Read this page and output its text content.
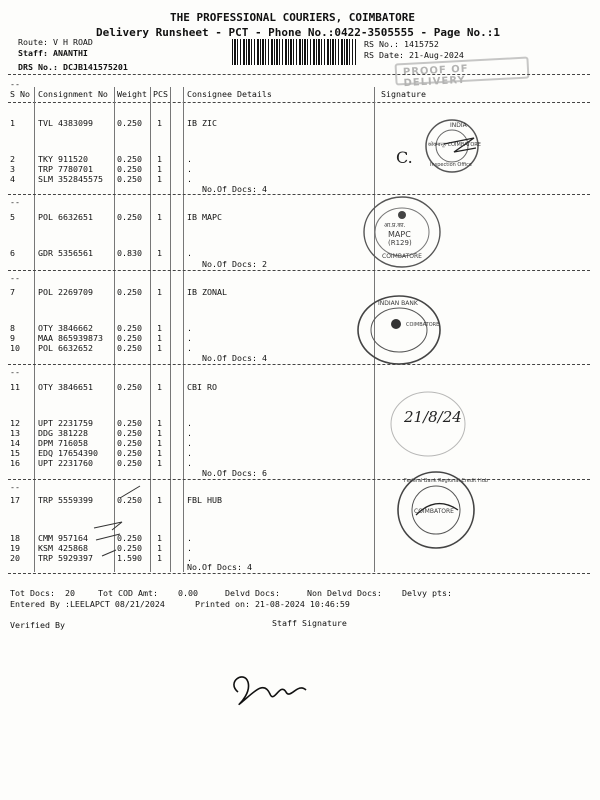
THE PROFESSIONAL COURIERS, COIMBATORE
Delivery Runsheet - PCT - Phone No.:0422-3505555 - Page No.:1
Route: V H ROAD
Staff: ANANTHI
DRS No.: DCJB141575201
RS No.: 1415752
RS Date: 21-Aug-2024
PROOF OF DELIVERY
--
S No Consignment No Weight PCS Consignee Details	Signature
1	TVL 4383099	0.250 1	IB ZIC
2	TKY 911520	0.250 1	.
3	TRP 7780701	0.250 1	.
4	SLM 352845575 0.250 1	.
No.Of Docs: 4
--
5	POL 6632651	0.250 1	IB MAPC
6	GDR 5356561	0.830 1	.
No.Of Docs: 2
--
7	POL 2269709	0.250 1	IB ZONAL
8	OTY 3846662	0.250 1	.
9	MAA 865939873 0.250 1	.
10 POL 6632652	0.250 1	.
No.Of Docs: 4
--
11 OTY 3846651	0.250 1	CBI RO
12 UPT 2231759	0.250 1	.
13 DDG 381228	0.250 1	.
14 DPM 716058	0.250 1	.
15 EDQ 17654390 0.250 1	.
16 UPT 2231760	0.250 1	.
No.Of Docs: 6
--
17 TRP 5559399	0.250 1	FBL HUB
18 CMM 957164	0.250 1	.
19 KSM 425868	0.250 1	.
20 TRP 5929397	1.590 1	.
No.Of Docs: 4
Tot Docs:  20	Tot COD Amt: 0.00	Delvd Docs:	Non Delvd Docs: Delvy pts:
Entered By :LEELAPCT 08/21/2024	Printed on: 21-08-2024 10:46:59
Verified By	Staff Signature
INDIA
कोयम्बत्तूर COIMBATORE
Inspection Office
C.
आ.प्र.का.
MAPC
(R129)
COIMBATORE
INDIAN BANK
COIMBATORE
21/8/24
Federal Bank Regional Credit Hub
COIMBATORE
Siv
